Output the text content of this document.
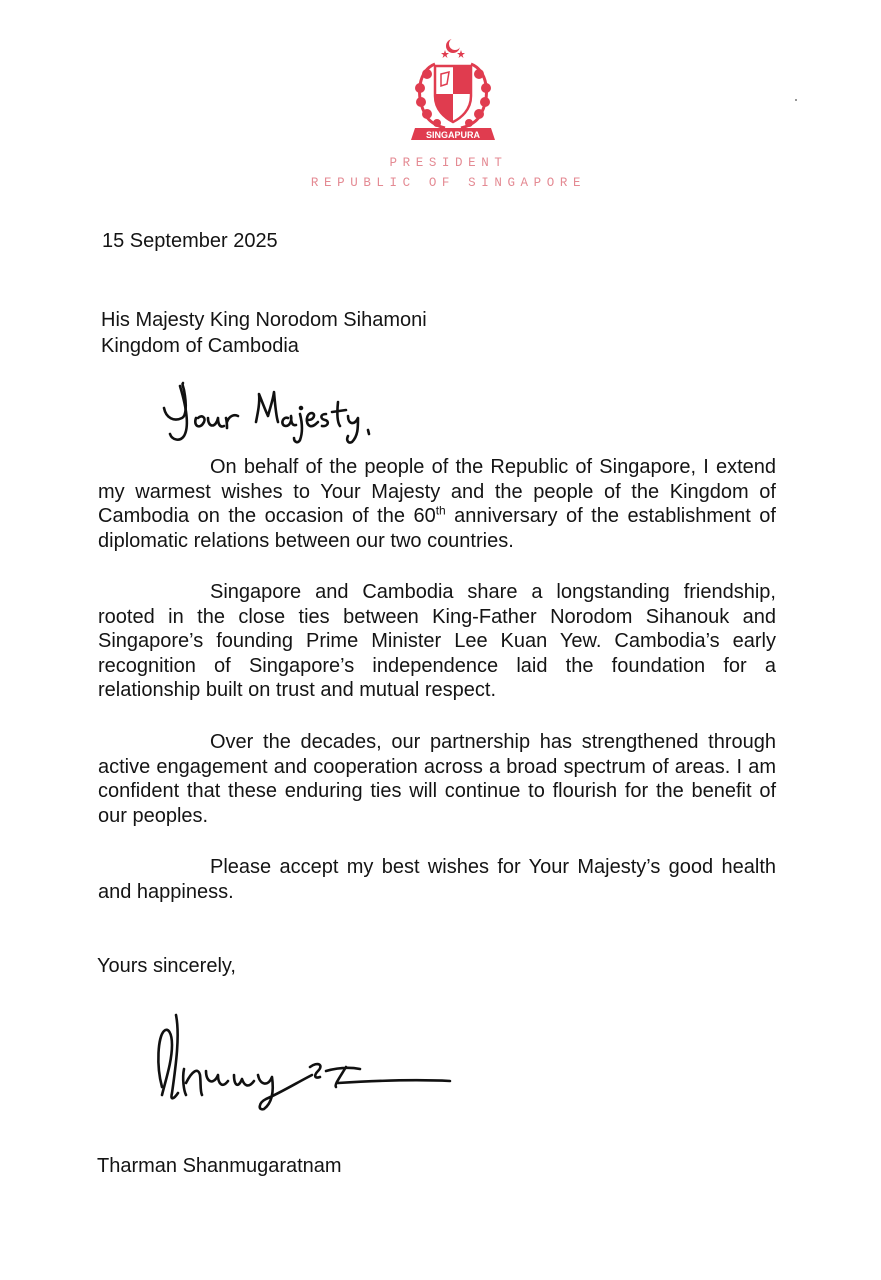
SINGAPURA
PRESIDENT
REPUBLIC OF SINGAPORE
15 September 2025
His Majesty King Norodom Sihamoni
Kingdom of Cambodia

On behalf of the people of the Republic of Singapore, I extend my warmest wishes to Your Majesty and the people of the Kingdom of Cambodia on the occasion of the 60th anniversary of the establishment of diplomatic relations between our two countries.

Singapore and Cambodia share a longstanding friendship, rooted in the close ties between King-Father Norodom Sihanouk and Singapore’s founding Prime Minister Lee Kuan Yew. Cambodia’s early recognition of Singapore’s independence laid the foundation for a relationship built on trust and mutual respect.

Over the decades, our partnership has strengthened through active engagement and cooperation across a broad spectrum of areas. I am confident that these enduring ties will continue to flourish for the benefit of our peoples.

Please accept my best wishes for Your Majesty’s good health and happiness.

Yours sincerely,
Tharman Shanmugaratnam
